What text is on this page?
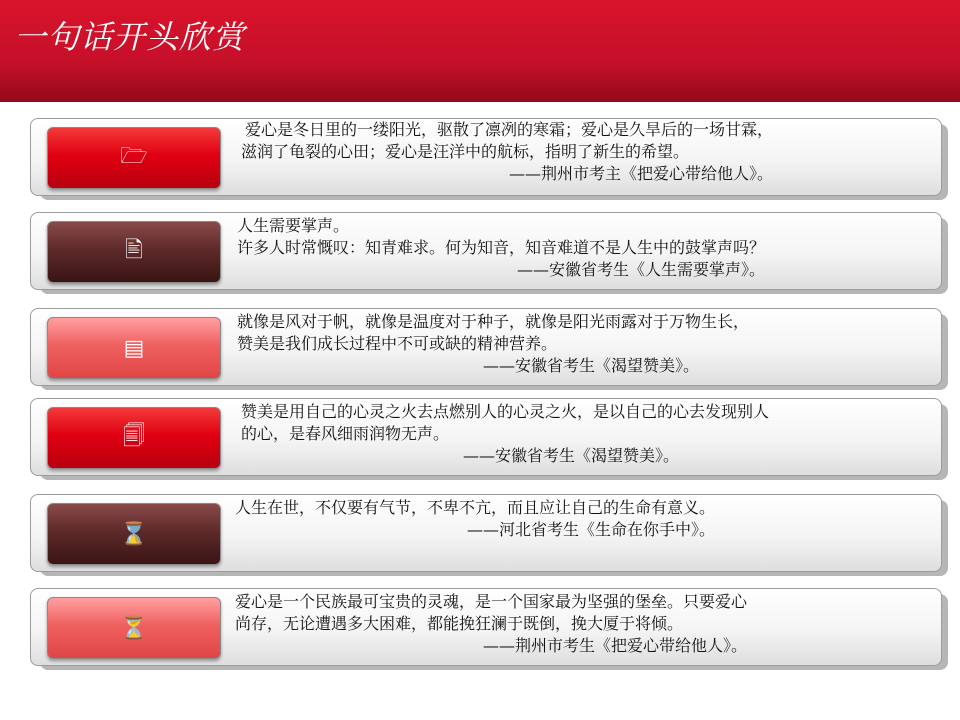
一句话开头欣赏
🗁
爱心是冬日里的一缕阳光，驱散了凛冽的寒霜；爱心是久旱后的一场甘霖，
滋润了龟裂的心田；爱心是汪洋中的航标，指明了新生的希望。
——荆州市考主《把爱心带给他人》。
🖹
人生需要掌声。
许多人时常慨叹：知青难求。何为知音，知音难道不是人生中的鼓掌声吗？
——安徽省考生《人生需要掌声》。
▤
就像是风对于帆，就像是温度对于种子，就像是阳光雨露对于万物生长，
赞美是我们成长过程中不可或缺的精神营养。
——安徽省考生《渴望赞美》。
🗐
赞美是用自己的心灵之火去点燃别人的心灵之火，是以自己的心去发现别人
的心，是春风细雨润物无声。
——安徽省考生《渴望赞美》。
⌛
人生在世，不仅要有气节，不卑不亢，而且应让自己的生命有意义。
——河北省考生《生命在你手中》。
⏳
爱心是一个民族最可宝贵的灵魂，是一个国家最为坚强的堡垒。只要爱心
尚存，无论遭遇多大困难，都能挽狂澜于既倒，挽大厦于将倾。
——荆州市考生《把爱心带给他人》。
